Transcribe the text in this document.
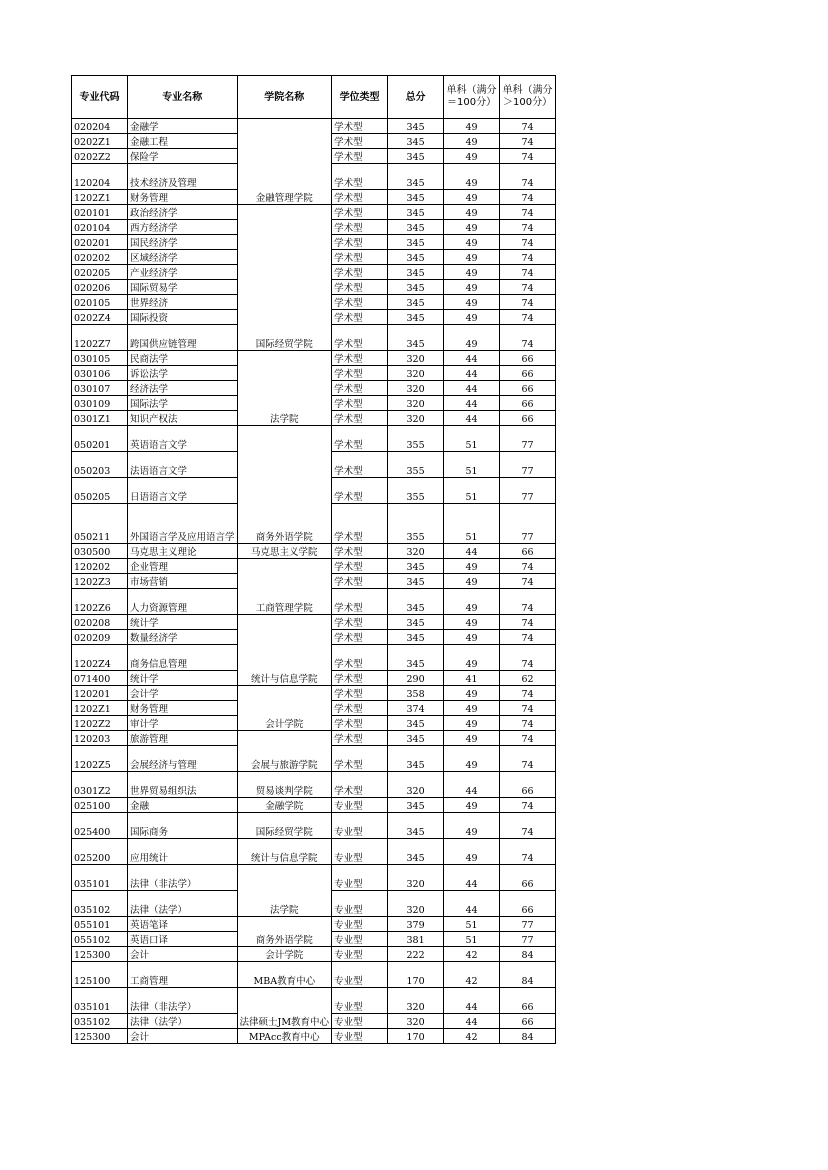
专业代码	专业名称	学院名称	学位类型	总分	单科（满分＝100分）	单科（满分＞100分）
020204	金融学	金融管理学院	学术型	345	49	74
0202Z1	金融工程		学术型	345	49	74
0202Z2	保险学		学术型	345	49	74
120204	技术经济及管理		学术型	345	49	74
1202Z1	财务管理		学术型	345	49	74
020101	政治经济学	国际经贸学院	学术型	345	49	74
020104	西方经济学		学术型	345	49	74
020201	国民经济学		学术型	345	49	74
020202	区域经济学		学术型	345	49	74
020205	产业经济学		学术型	345	49	74
020206	国际贸易学		学术型	345	49	74
020105	世界经济		学术型	345	49	74
0202Z4	国际投资		学术型	345	49	74
1202Z7	跨国供应链管理		学术型	345	49	74
030105	民商法学	法学院	学术型	320	44	66
030106	诉讼法学		学术型	320	44	66
030107	经济法学		学术型	320	44	66
030109	国际法学		学术型	320	44	66
0301Z1	知识产权法		学术型	320	44	66
050201	英语语言文学	商务外语学院	学术型	355	51	77
050203	法语语言文学		学术型	355	51	77
050205	日语语言文学		学术型	355	51	77
050211	外国语言学及应用语言学		学术型	355	51	77
030500	马克思主义理论	马克思主义学院	学术型	320	44	66
120202	企业管理	工商管理学院	学术型	345	49	74
1202Z3	市场营销		学术型	345	49	74
1202Z6	人力资源管理		学术型	345	49	74
020208	统计学	统计与信息学院	学术型	345	49	74
020209	数量经济学		学术型	345	49	74
1202Z4	商务信息管理		学术型	345	49	74
071400	统计学		学术型	290	41	62
120201	会计学	会计学院	学术型	358	49	74
1202Z1	财务管理		学术型	374	49	74
1202Z2	审计学		学术型	345	49	74
120203	旅游管理	会展与旅游学院	学术型	345	49	74
1202Z5	会展经济与管理		学术型	345	49	74
0301Z2	世界贸易组织法	贸易谈判学院	学术型	320	44	66
025100	金融	金融学院	专业型	345	49	74
025400	国际商务	国际经贸学院	专业型	345	49	74
025200	应用统计	统计与信息学院	专业型	345	49	74
035101	法律（非法学）	法学院	专业型	320	44	66
035102	法律（法学）		专业型	320	44	66
055101	英语笔译	商务外语学院	专业型	379	51	77
055102	英语口译		专业型	381	51	77
125300	会计	会计学院	专业型	222	42	84
125100	工商管理	MBA教育中心	专业型	170	42	84
035101	法律（非法学）	法律硕士JM教育中心	专业型	320	44	66
035102	法律（法学）		专业型	320	44	66
125300	会计	MPAcc教育中心	专业型	170	42	84
